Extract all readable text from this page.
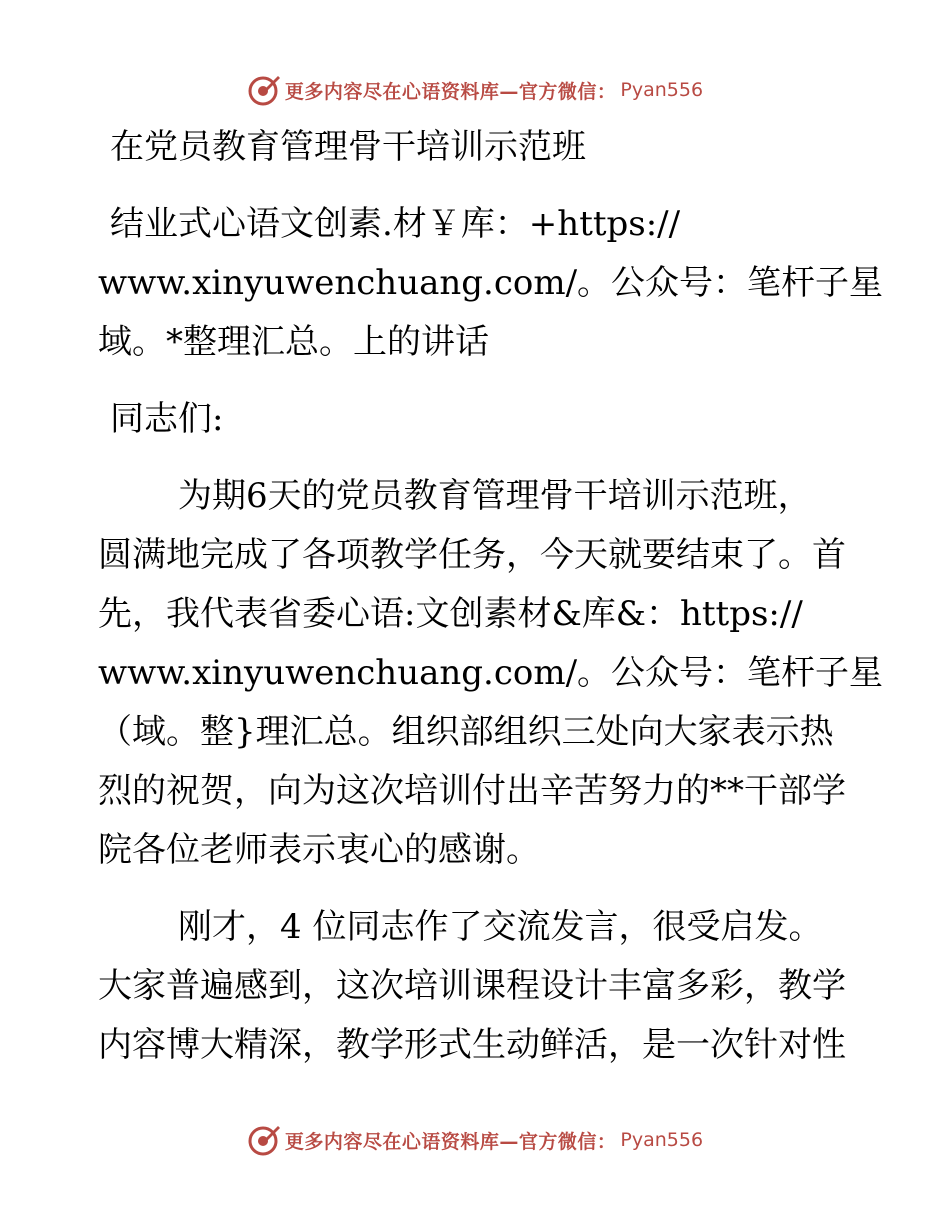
更多内容尽在心语资料库—官方微信： Pyan556
在党员教育管理骨干培训示范班
结业式心语文创素.材￥库：+https://
www.xinyuwenchuang.com/。公众号：笔杆子星
域。*整理汇总。上的讲话
同志们:
为期6天的党员教育管理骨干培训示范班，
圆满地完成了各项教学任务，今天就要结束了。首
先，我代表省委心语:文创素材&库&：https://
www.xinyuwenchuang.com/。公众号：笔杆子星
（域。整}理汇总。组织部组织三处向大家表示热
烈的祝贺，向为这次培训付出辛苦努力的**干部学
院各位老师表示衷心的感谢。
刚才，4 位同志作了交流发言，很受启发。
大家普遍感到，这次培训课程设计丰富多彩，教学
内容博大精深，教学形式生动鲜活，是一次针对性
更多内容尽在心语资料库—官方微信： Pyan556
